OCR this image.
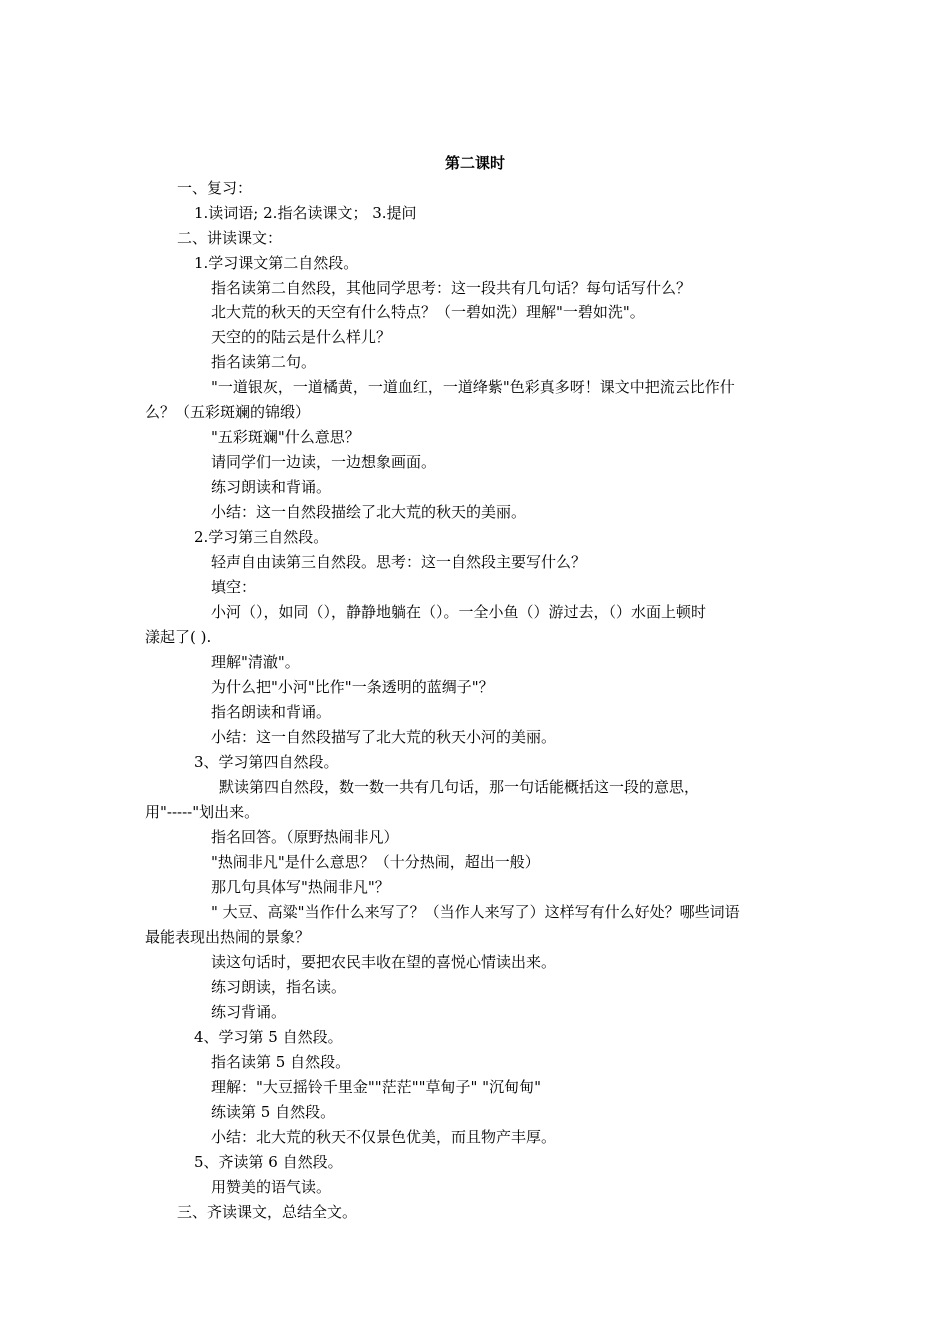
第二课时
一、复习：
1.读词语; 2.指名读课文； 3.提问
二、讲读课文：
1.学习课文第二自然段。
指名读第二自然段，其他同学思考：这一段共有几句话？每句话写什么？
北大荒的秋天的天空有什么特点？（一碧如洗）理解"一碧如洗"。
天空的的陆云是什么样儿？
指名读第二句。
"一道银灰，一道橘黄，一道血红，一道绛紫"色彩真多呀！课文中把流云比作什
么？（五彩斑斓的锦缎）
"五彩斑斓"什么意思？
请同学们一边读，一边想象画面。
练习朗读和背诵。
小结：这一自然段描绘了北大荒的秋天的美丽。
2.学习第三自然段。
轻声自由读第三自然段。思考：这一自然段主要写什么？
填空：
小河（），如同（），静静地躺在（）。一全小鱼（）游过去，（）水面上顿时
漾起了( ).
理解"清澈"。
为什么把"小河"比作"一条透明的蓝绸子"？
指名朗读和背诵。
小结：这一自然段描写了北大荒的秋天小河的美丽。
3、学习第四自然段。
默读第四自然段，数一数一共有几句话，那一句话能概括这一段的意思，
用"-----"划出来。
指名回答。（原野热闹非凡）
"热闹非凡"是什么意思？（十分热闹，超出一般）
那几句具体写"热闹非凡"？
" 大豆、高粱"当作什么来写了？（当作人来写了）这样写有什么好处？哪些词语
最能表现出热闹的景象？
读这句话时，要把农民丰收在望的喜悦心情读出来。
练习朗读，指名读。
练习背诵。
4、学习第 5 自然段。
指名读第 5 自然段。
理解："大豆摇铃千里金""茫茫""草甸子" "沉甸甸"
练读第 5 自然段。
小结：北大荒的秋天不仅景色优美，而且物产丰厚。
5、齐读第 6 自然段。
用赞美的语气读。
三、齐读课文，总结全文。
